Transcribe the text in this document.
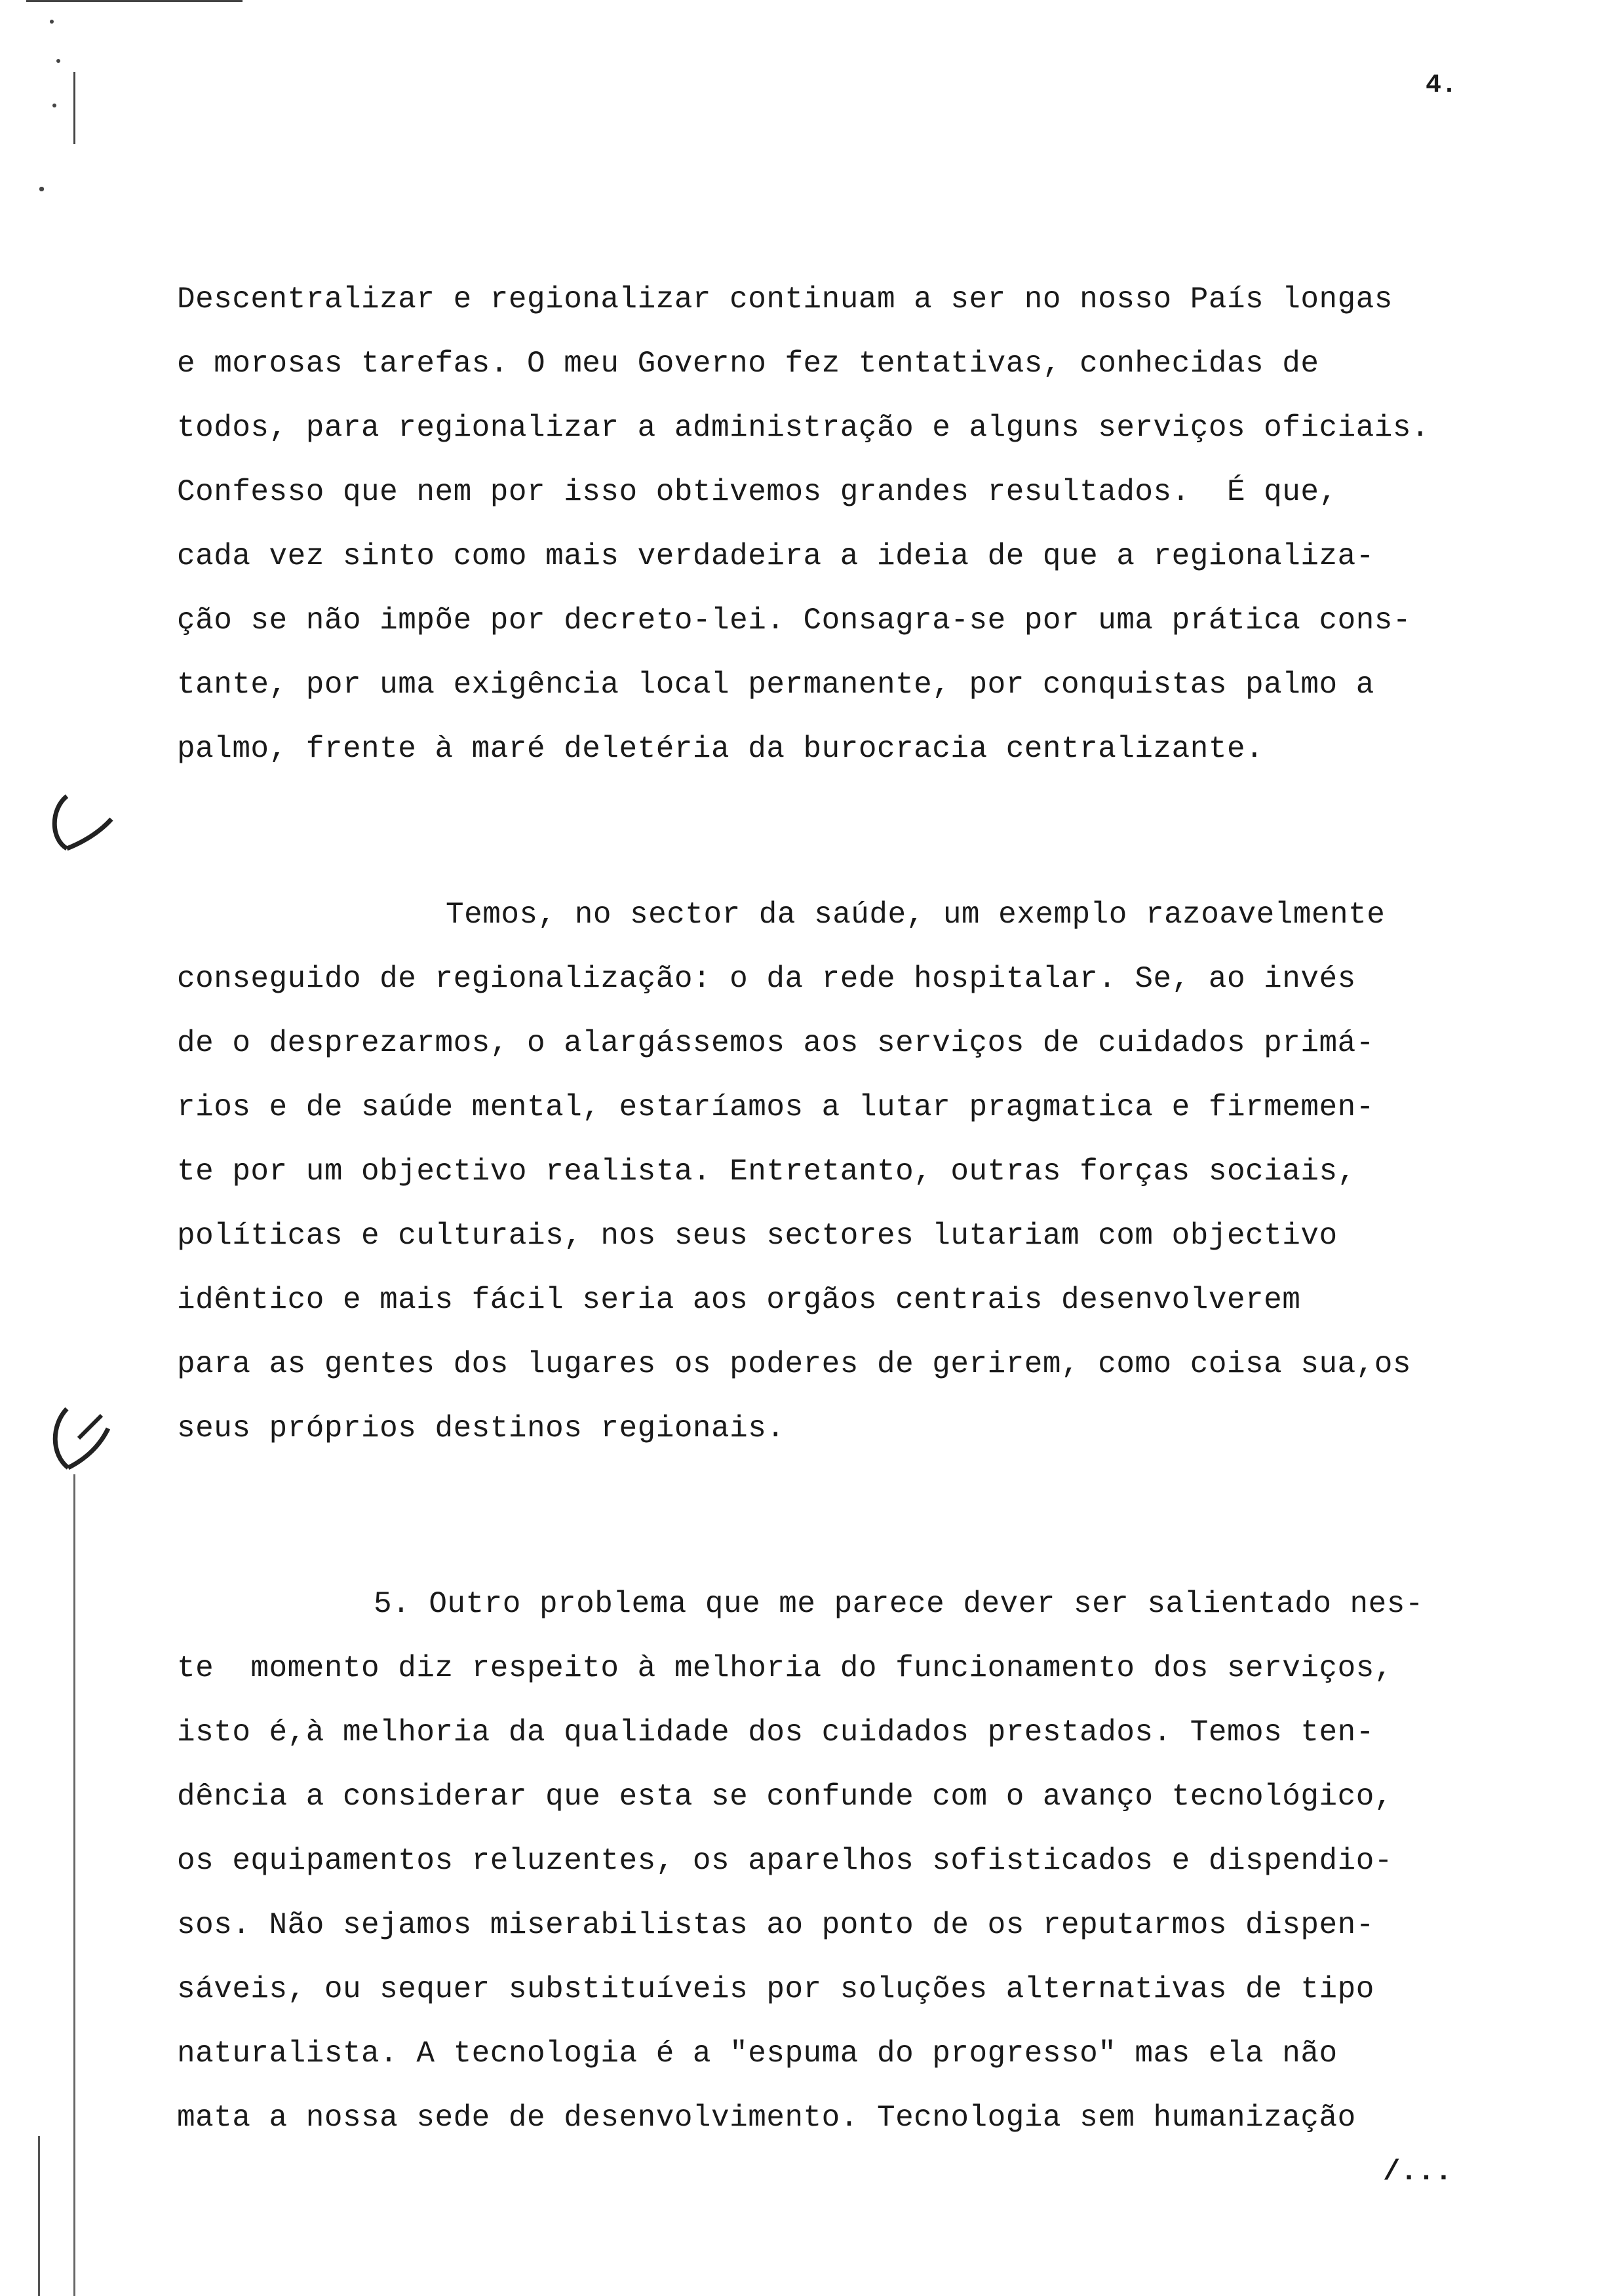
4.
Descentralizar e regionalizar continuam a ser no nosso País longas
e morosas tarefas. O meu Governo fez tentativas, conhecidas de
todos, para regionalizar a administração e alguns serviços oficiais.
Confesso que nem por isso obtivemos grandes resultados.  É que,
cada vez sinto como mais verdadeira a ideia de que a regionaliza-
ção se não impõe por decreto-lei. Consagra-se por uma prática cons-
tante, por uma exigência local permanente, por conquistas palmo a
palmo, frente à maré deletéria da burocracia centralizante.
Temos, no sector da saúde, um exemplo razoavelmente
conseguido de regionalização: o da rede hospitalar. Se, ao invés
de o desprezarmos, o alargássemos aos serviços de cuidados primá-
rios e de saúde mental, estaríamos a lutar pragmatica e firmemen-
te por um objectivo realista. Entretanto, outras forças sociais,
políticas e culturais, nos seus sectores lutariam com objectivo
idêntico e mais fácil seria aos orgãos centrais desenvolverem
para as gentes dos lugares os poderes de gerirem, como coisa sua,os
seus próprios destinos regionais.
5. Outro problema que me parece dever ser salientado nes-
te  momento diz respeito à melhoria do funcionamento dos serviços,
isto é,à melhoria da qualidade dos cuidados prestados. Temos ten-
dência a considerar que esta se confunde com o avanço tecnológico,
os equipamentos reluzentes, os aparelhos sofisticados e dispendio-
sos. Não sejamos miserabilistas ao ponto de os reputarmos dispen-
sáveis, ou sequer substituíveis por soluções alternativas de tipo
naturalista. A tecnologia é a "espuma do progresso" mas ela não
mata a nossa sede de desenvolvimento. Tecnologia sem humanização
/...
